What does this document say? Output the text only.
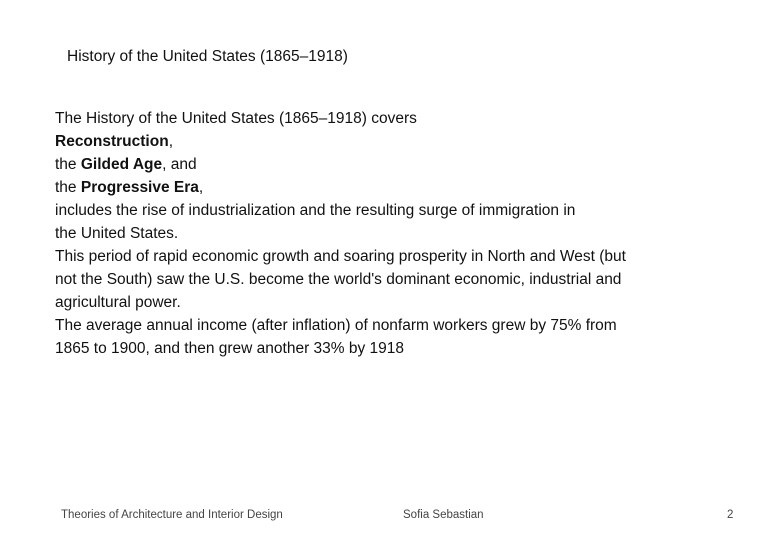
History of the United States (1865–1918)
The History of the United States (1865–1918) covers
Reconstruction,
the Gilded Age, and
the Progressive Era,
includes the rise of industrialization and the resulting surge of immigration in
the United States.
This period of rapid economic growth and soaring prosperity in North and West (but
not the South) saw the U.S. become the world's dominant economic, industrial and
agricultural power.
The average annual income (after inflation) of nonfarm workers grew by 75% from
1865 to 1900, and then grew another 33% by 1918
Theories of Architecture and Interior Design	Sofia Sebastian	2
